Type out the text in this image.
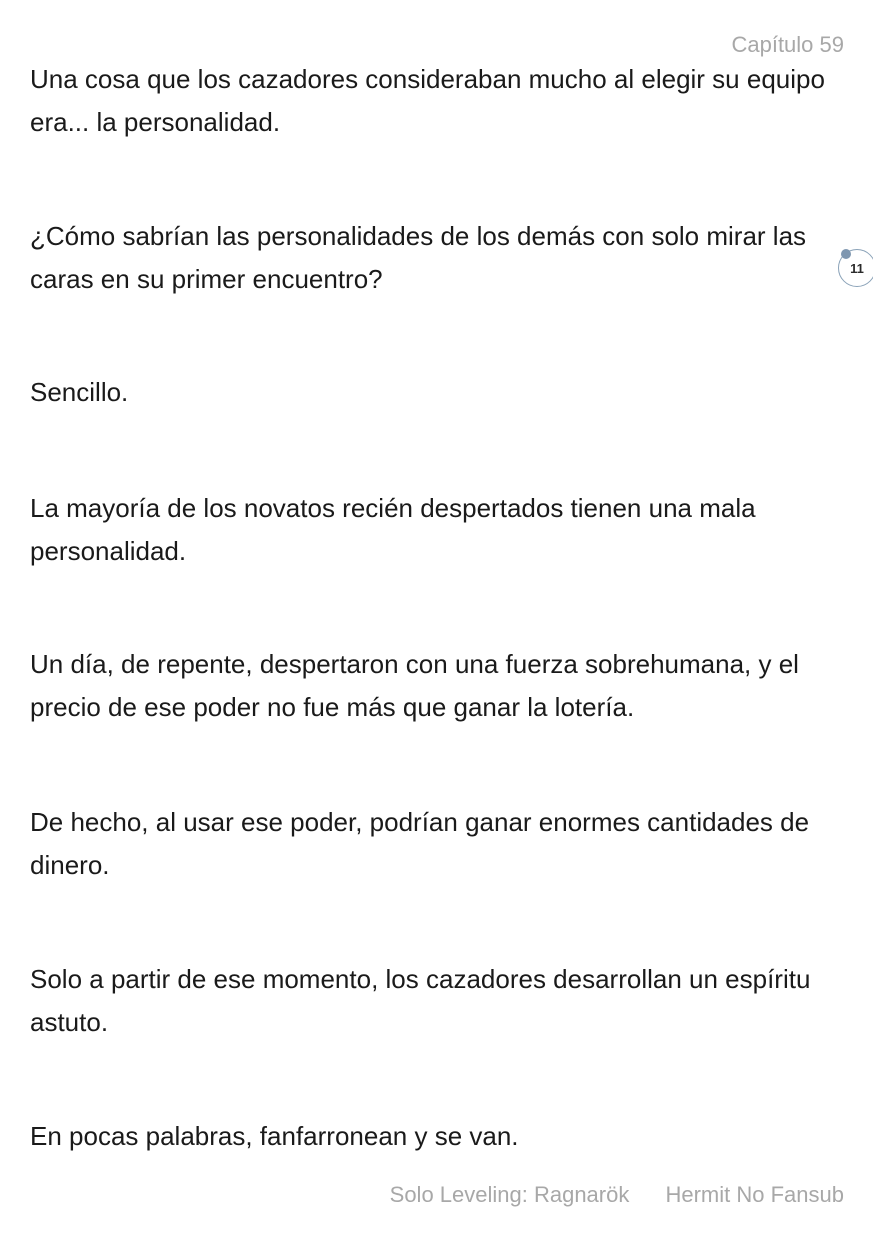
Capítulo 59

Una cosa que los cazadores consideraban mucho al elegir su equipo era... la personalidad.

¿Cómo sabrían las personalidades de los demás con solo mirar las caras en su primer encuentro?

Sencillo.

La mayoría de los novatos recién despertados tienen una mala personalidad.

Un día, de repente, despertaron con una fuerza sobrehumana, y el precio de ese poder no fue más que ganar la lotería.

De hecho, al usar ese poder, podrían ganar enormes cantidades de dinero.

Solo a partir de ese momento, los cazadores desarrollan un espíritu astuto.

En pocas palabras, fanfarronean y se van.

11
Solo Leveling: Ragnarök Hermit No Fansub
